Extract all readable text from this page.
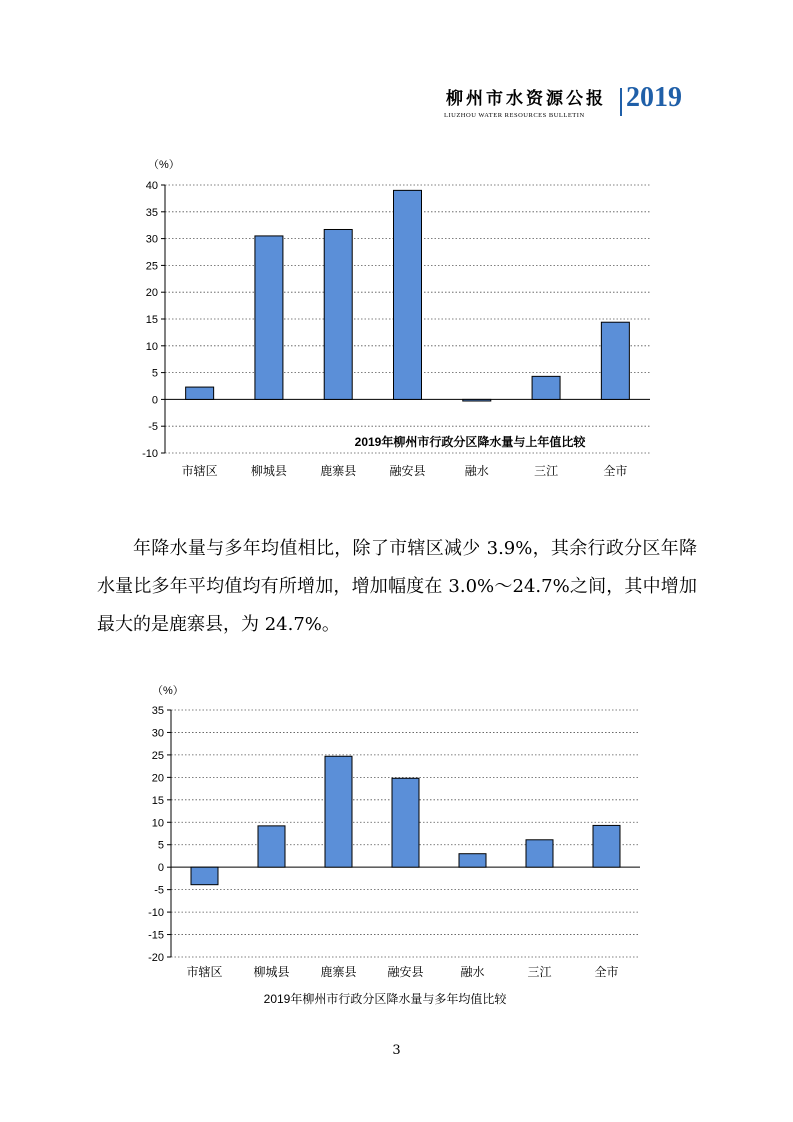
柳州市水资源公报
LIUZHOU WATER RESOURCES BULLETIN
2019
（%）
40
35
30
25
20
15
10
5
0
-5
-10
市辖区	柳城县	鹿寨县	融安县	融水	三江	全市
2019年柳州市行政分区降水量与上年值比较

年降水量与多年均值相比，除了市辖区减少 3.9%，其余行政分区年降水量比多年平均值均有所增加，增加幅度在 3.0%～24.7%之间，其中增加最大的是鹿寨县，为 24.7%。

（%）
35
30
25
20
15
10
5
0
-5
-10
-15
-20
市辖区	柳城县	鹿寨县	融安县	融水	三江	全市
2019年柳州市行政分区降水量与多年均值比较
3
